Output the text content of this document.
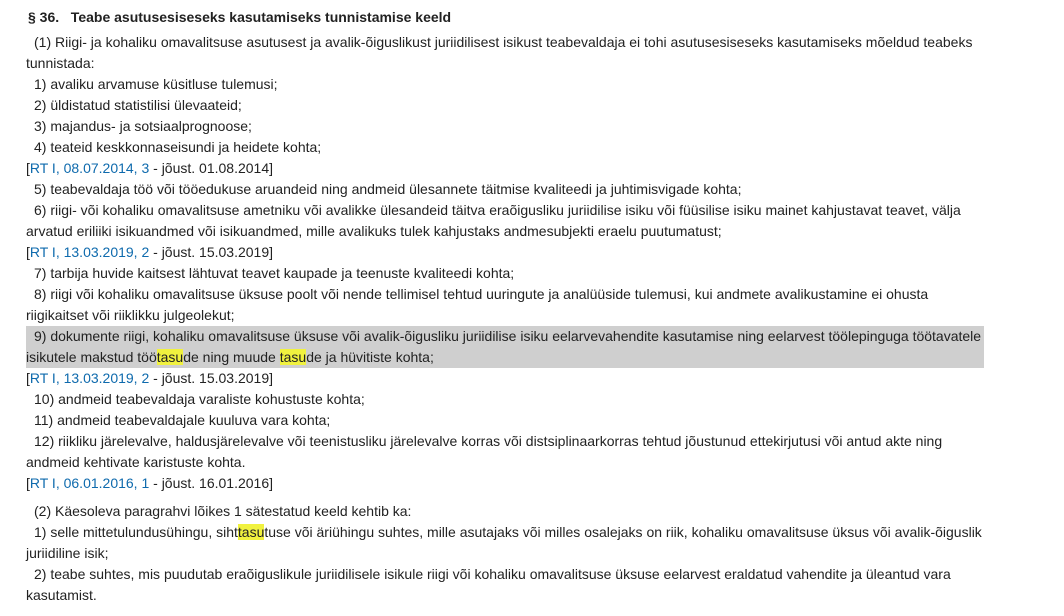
§ 36.   Teabe asutusesiseseks kasutamiseks tunnistamise keeld
(1) Riigi- ja kohaliku omavalitsuse asutusest ja avalik-õiguslikust juriidilisest isikust teabevaldaja ei tohi asutusesiseseks kasutamiseks mõeldud teabeks
tunnistada:
1) avaliku arvamuse küsitluse tulemusi;
2) üldistatud statistilisi ülevaateid;
3) majandus- ja sotsiaalprognoose;
4) teateid keskkonnaseisundi ja heidete kohta;
[RT I, 08.07.2014, 3 - jõust. 01.08.2014]
5) teabevaldaja töö või tööedukuse aruandeid ning andmeid ülesannete täitmise kvaliteedi ja juhtimisvigade kohta;
6) riigi- või kohaliku omavalitsuse ametniku või avalikke ülesandeid täitva eraõigusliku juriidilise isiku või füüsilise isiku mainet kahjustavat teavet, välja
arvatud eriliiki isikuandmed või isikuandmed, mille avalikuks tulek kahjustaks andmesubjekti eraelu puutumatust;
[RT I, 13.03.2019, 2 - jõust. 15.03.2019]
7) tarbija huvide kaitsest lähtuvat teavet kaupade ja teenuste kvaliteedi kohta;
8) riigi või kohaliku omavalitsuse üksuse poolt või nende tellimisel tehtud uuringute ja analüüside tulemusi, kui andmete avalikustamine ei ohusta
riigikaitset või riiklikku julgeolekut;
9) dokumente riigi, kohaliku omavalitsuse üksuse või avalik-õigusliku juriidilise isiku eelarvevahendite kasutamise ning eelarvest töölepinguga töötavatele
isikutele makstud töötasude ning muude tasude ja hüvitiste kohta;
[RT I, 13.03.2019, 2 - jõust. 15.03.2019]
10) andmeid teabevaldaja varaliste kohustuste kohta;
11) andmeid teabevaldajale kuuluva vara kohta;
12) riikliku järelevalve, haldusjärelevalve või teenistusliku järelevalve korras või distsiplinaarkorras tehtud jõustunud ettekirjutusi või antud akte ning
andmeid kehtivate karistuste kohta.
[RT I, 06.01.2016, 1 - jõust. 16.01.2016]
(2) Käesoleva paragrahvi lõikes 1 sätestatud keeld kehtib ka:
1) selle mittetulundusühingu, sihttasutuse või äriühingu suhtes, mille asutajaks või milles osalejaks on riik, kohaliku omavalitsuse üksus või avalik-õiguslik
juriidiline isik;
2) teabe suhtes, mis puudutab eraõiguslikule juriidilisele isikule riigi või kohaliku omavalitsuse üksuse eelarvest eraldatud vahendite ja üleantud vara
kasutamist.
